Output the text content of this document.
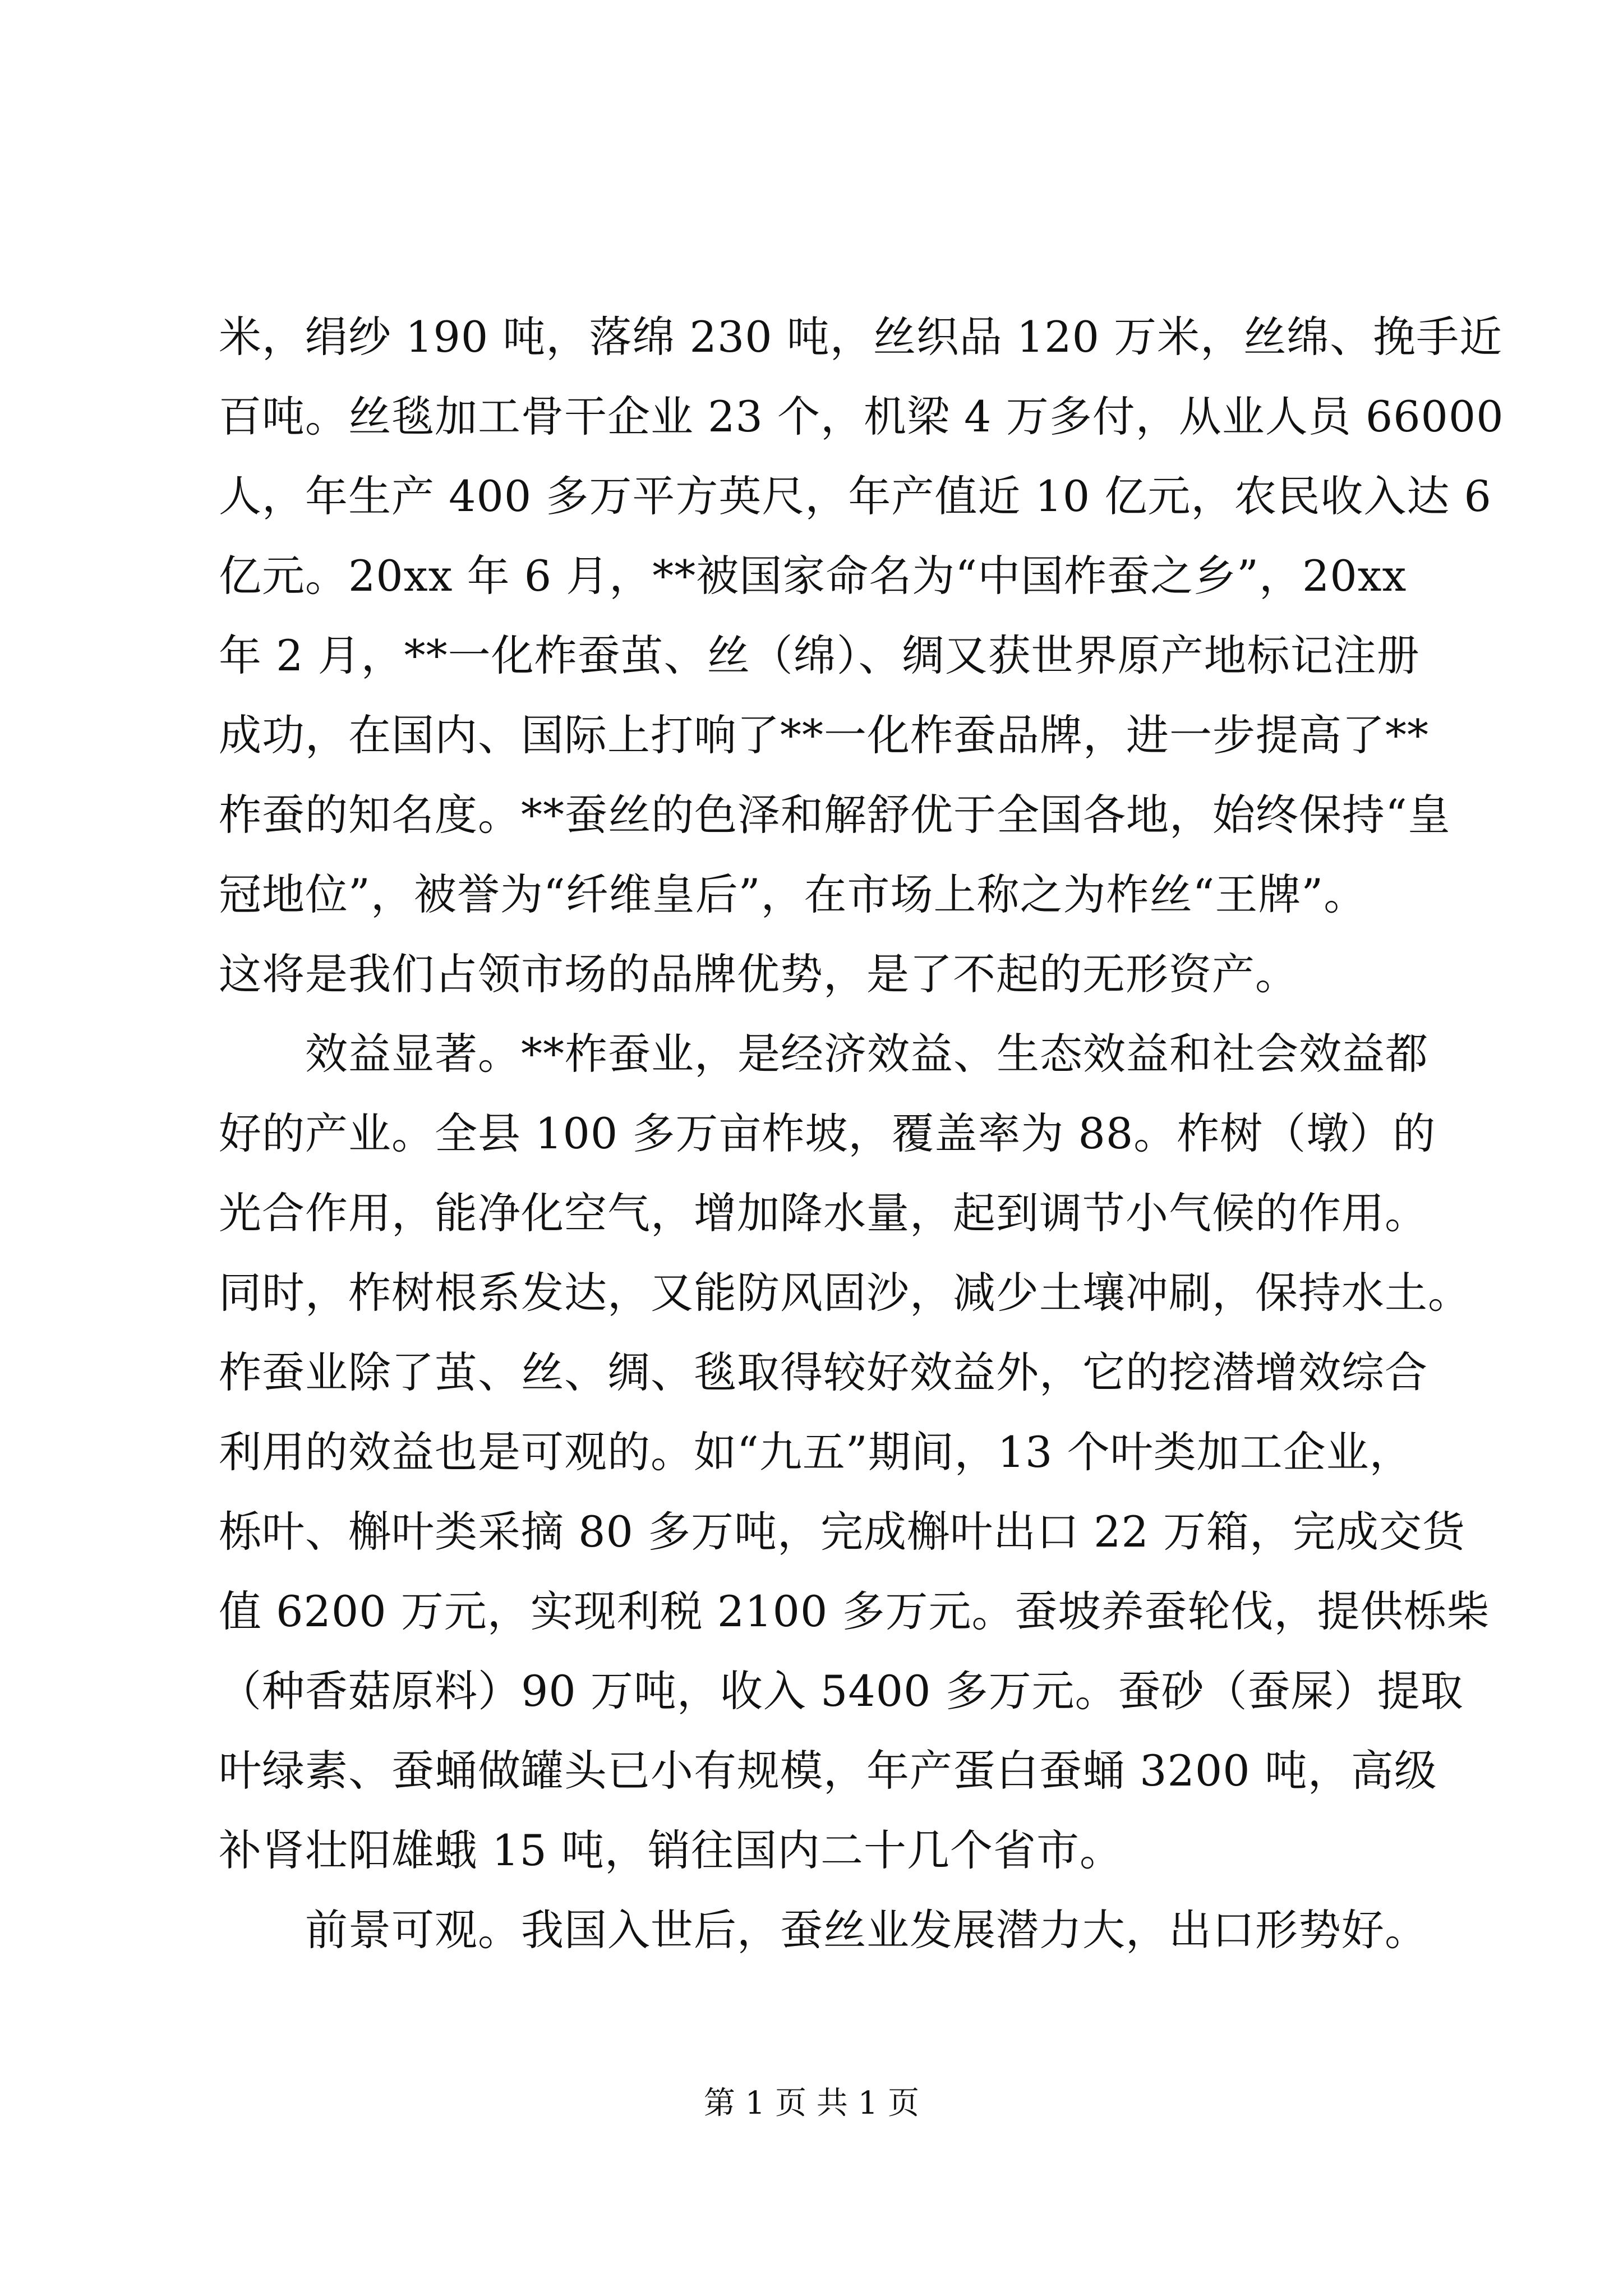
米，绢纱 190 吨，落绵 230 吨，丝织品 120 万米，丝绵、挽手近
百吨。丝毯加工骨干企业 23 个，机梁 4 万多付，从业人员 66000
人，年生产 400 多万平方英尺，年产值近 10 亿元，农民收入达 6
亿元。20xx 年 6 月，**被国家命名为“中国柞蚕之乡”，20xx
年 2 月，**一化柞蚕茧、丝（绵）、绸又获世界原产地标记注册
成功，在国内、国际上打响了**一化柞蚕品牌，进一步提高了**
柞蚕的知名度。**蚕丝的色泽和解舒优于全国各地，始终保持“皇
冠地位”，被誉为“纤维皇后”，在市场上称之为柞丝“王牌”。
这将是我们占领市场的品牌优势，是了不起的无形资产。
　　效益显著。**柞蚕业，是经济效益、生态效益和社会效益都
好的产业。全县 100 多万亩柞坡，覆盖率为 88。柞树（墩）的
光合作用，能净化空气，增加降水量，起到调节小气候的作用。
同时，柞树根系发达，又能防风固沙，减少土壤冲刷，保持水土。
柞蚕业除了茧、丝、绸、毯取得较好效益外，它的挖潜增效综合
利用的效益也是可观的。如“九五”期间，13 个叶类加工企业，
栎叶、槲叶类采摘 80 多万吨，完成槲叶出口 22 万箱，完成交货
值 6200 万元，实现利税 2100 多万元。蚕坡养蚕轮伐，提供栎柴
（种香菇原料）90 万吨，收入 5400 多万元。蚕砂（蚕屎）提取
叶绿素、蚕蛹做罐头已小有规模，年产蛋白蚕蛹 3200 吨，高级
补肾壮阳雄蛾 15 吨，销往国内二十几个省市。
　　前景可观。我国入世后，蚕丝业发展潜力大，出口形势好。
第 1 页 共 1 页
